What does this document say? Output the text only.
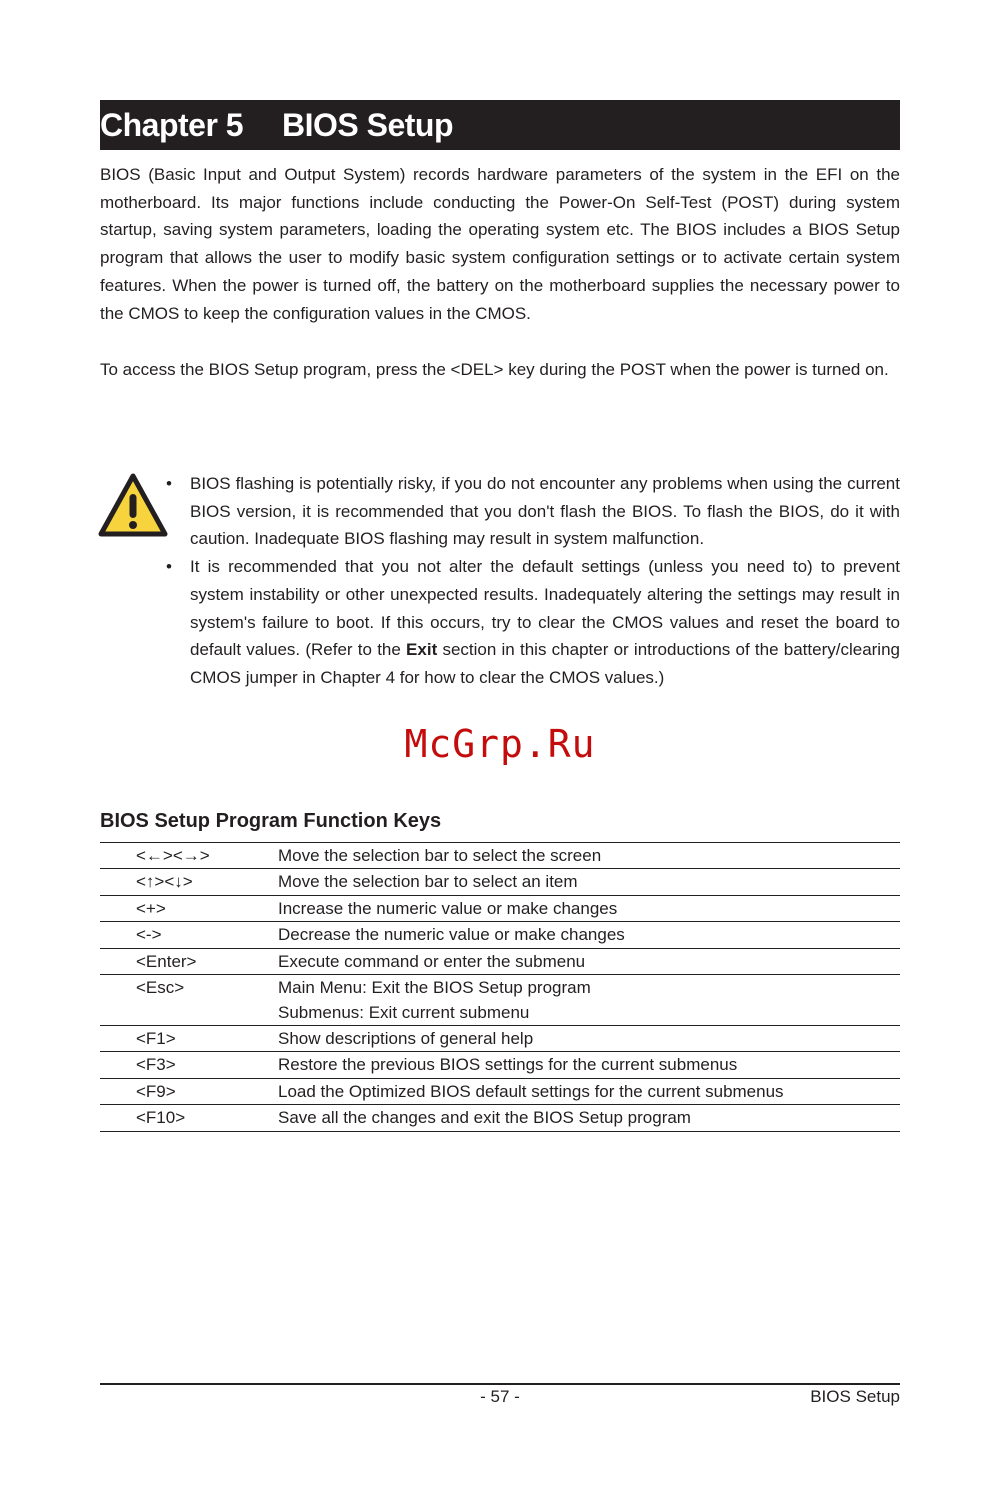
Chapter 5 BIOS Setup

BIOS (Basic Input and Output System) records hardware parameters of the system in the EFI on the motherboard. Its major functions include conducting the Power-On Self-Test (POST) during system startup, saving system parameters, loading the operating system etc. The BIOS includes a BIOS Setup program that allows the user to modify basic system configuration settings or to activate certain system features. When the power is turned off, the battery on the motherboard supplies the necessary power to the CMOS to keep the configuration values in the CMOS.

To access the BIOS Setup program, press the <DEL> key during the POST when the power is turned on.

• BIOS flashing is potentially risky, if you do not encounter any problems when using the current BIOS version, it is recommended that you don't flash the BIOS. To flash the BIOS, do it with caution. Inadequate BIOS flashing may result in system malfunction.
• It is recommended that you not alter the default settings (unless you need to) to prevent system instability or other unexpected results. Inadequately altering the settings may result in system's failure to boot. If this occurs, try to clear the CMOS values and reset the board to default values. (Refer to the Exit section in this chapter or introductions of the battery/clearing CMOS jumper in Chapter 4 for how to clear the CMOS values.)
McGrp.Ru
BIOS Setup Program Function Keys
<←><→>	Move the selection bar to select the screen
<↑><↓>	Move the selection bar to select an item
<+>	Increase the numeric value or make changes
<->	Decrease the numeric value or make changes
<Enter>	Execute command or enter the submenu
<Esc>	Main Menu: Exit the BIOS Setup program
Submenus: Exit current submenu

<F1>	Show descriptions of general help
<F3>	Restore the previous BIOS settings for the current submenus
<F9>	Load the Optimized BIOS default settings for the current submenus
<F10>	Save all the changes and exit the BIOS Setup program
- 57 -	BIOS Setup
